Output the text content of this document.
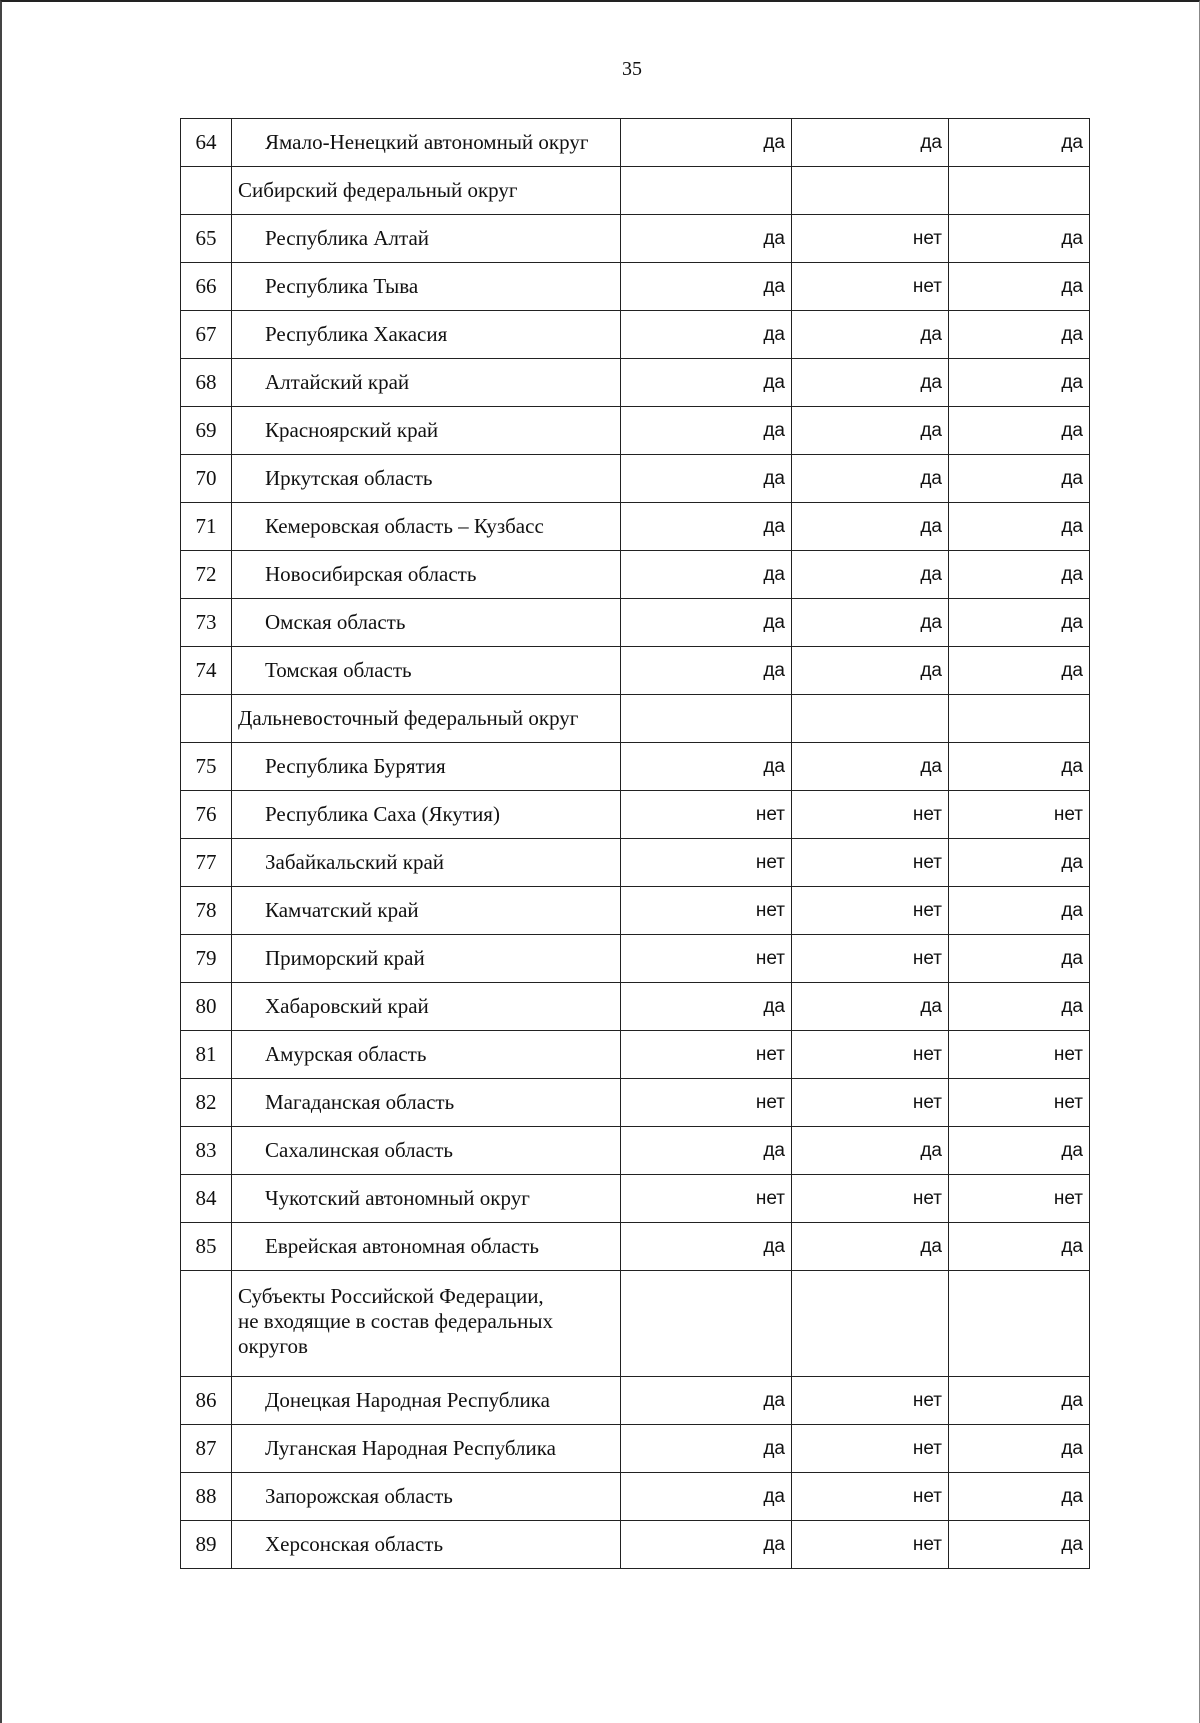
35
64	Ямало-Ненецкий автономный округ	да	да	да
	Сибирский федеральный округ			
65	Республика Алтай	да	нет	да
66	Республика Тыва	да	нет	да
67	Республика Хакасия	да	да	да
68	Алтайский край	да	да	да
69	Красноярский край	да	да	да
70	Иркутская область	да	да	да
71	Кемеровская область – Кузбасс	да	да	да
72	Новосибирская область	да	да	да
73	Омская область	да	да	да
74	Томская область	да	да	да
	Дальневосточный федеральный округ			
75	Республика Бурятия	да	да	да
76	Республика Саха (Якутия)	нет	нет	нет
77	Забайкальский край	нет	нет	да
78	Камчатский край	нет	нет	да
79	Приморский край	нет	нет	да
80	Хабаровский край	да	да	да
81	Амурская область	нет	нет	нет
82	Магаданская область	нет	нет	нет
83	Сахалинская область	да	да	да
84	Чукотский автономный округ	нет	нет	нет
85	Еврейская автономная область	да	да	да

	Субъекты Российской Федерации,
не входящие в состав федеральных
округов			

86	Донецкая Народная Республика	да	нет	да
87	Луганская Народная Республика	да	нет	да
88	Запорожская область	да	нет	да
89	Херсонская область	да	нет	да
